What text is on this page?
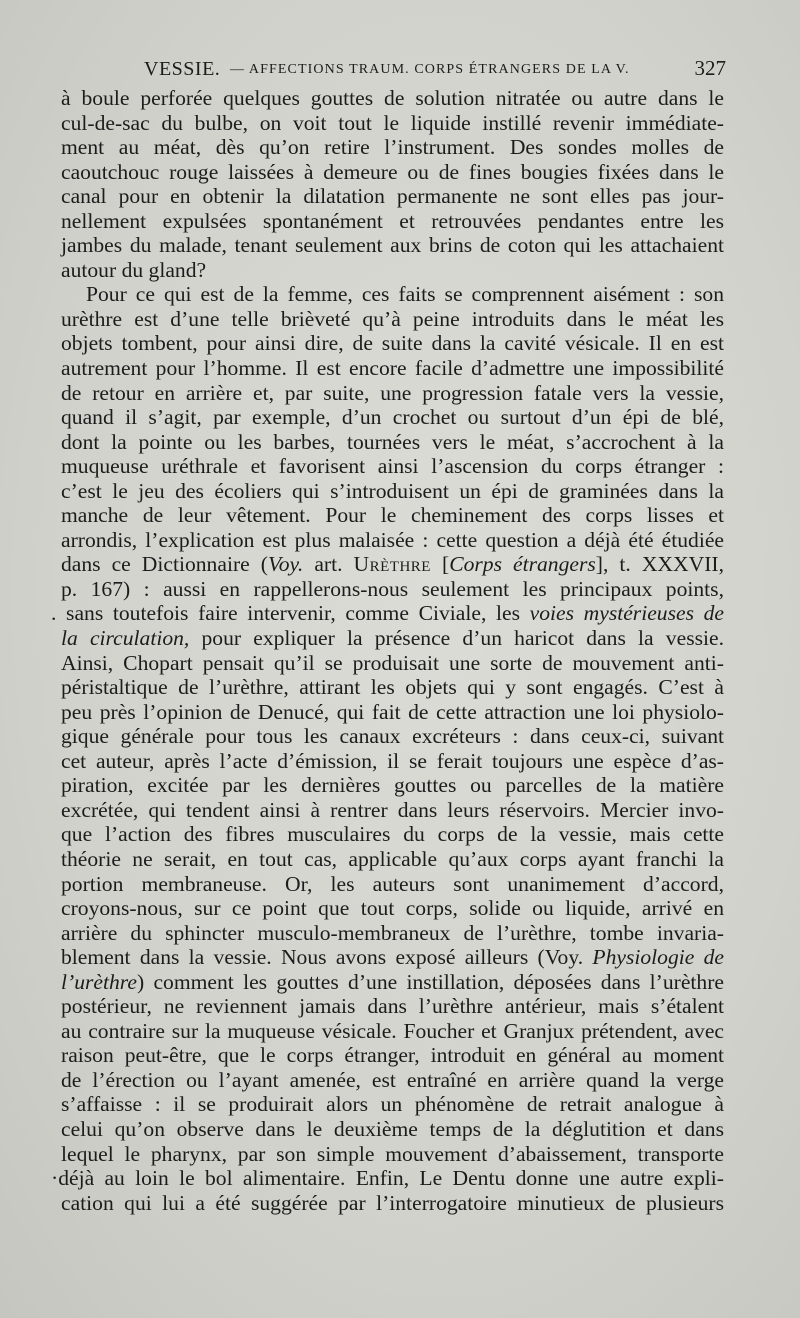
VESSIE. — AFFECTIONS TRAUM. CORPS ÉTRANGERS DE LA V.	327
à boule perforée quelques gouttes de solution nitratée ou autre dans le
cul-de-sac du bulbe, on voit tout le liquide instillé revenir immédiate-
ment au méat, dès qu’on retire l’instrument. Des sondes molles de
caoutchouc rouge laissées à demeure ou de fines bougies fixées dans le
canal pour en obtenir la dilatation permanente ne sont elles pas jour-
nellement expulsées spontanément et retrouvées pendantes entre les
jambes du malade, tenant seulement aux brins de coton qui les attachaient
autour du gland?
Pour ce qui est de la femme, ces faits se comprennent aisément : son
urèthre est d’une telle brièveté qu’à peine introduits dans le méat les
objets tombent, pour ainsi dire, de suite dans la cavité vésicale. Il en est
autrement pour l’homme. Il est encore facile d’admettre une impossibilité
de retour en arrière et, par suite, une progression fatale vers la vessie,
quand il s’agit, par exemple, d’un crochet ou surtout d’un épi de blé,
dont la pointe ou les barbes, tournées vers le méat, s’accrochent à la
muqueuse uréthrale et favorisent ainsi l’ascension du corps étranger :
c’est le jeu des écoliers qui s’introduisent un épi de graminées dans la
manche de leur vêtement. Pour le cheminement des corps lisses et
arrondis, l’explication est plus malaisée : cette question a déjà été étudiée
dans ce Dictionnaire (Voy. art. Urèthre [Corps étrangers], t. XXXVII,
p. 167) : aussi en rappellerons-nous seulement les principaux points,
. sans toutefois faire intervenir, comme Civiale, les voies mystérieuses de
la circulation, pour expliquer la présence d’un haricot dans la vessie.
Ainsi, Chopart pensait qu’il se produisait une sorte de mouvement anti-
péristaltique de l’urèthre, attirant les objets qui y sont engagés. C’est à
peu près l’opinion de Denucé, qui fait de cette attraction une loi physiolo-
gique générale pour tous les canaux excréteurs : dans ceux-ci, suivant
cet auteur, après l’acte d’émission, il se ferait toujours une espèce d’as-
piration, excitée par les dernières gouttes ou parcelles de la matière
excrétée, qui tendent ainsi à rentrer dans leurs réservoirs. Mercier invo-
que l’action des fibres musculaires du corps de la vessie, mais cette
théorie ne serait, en tout cas, applicable qu’aux corps ayant franchi la
portion membraneuse. Or, les auteurs sont unanimement d’accord,
croyons-nous, sur ce point que tout corps, solide ou liquide, arrivé en
arrière du sphincter musculo-membraneux de l’urèthre, tombe invaria-
blement dans la vessie. Nous avons exposé ailleurs (Voy. Physiologie de
l’urèthre) comment les gouttes d’une instillation, déposées dans l’urèthre
postérieur, ne reviennent jamais dans l’urèthre antérieur, mais s’étalent
au contraire sur la muqueuse vésicale. Foucher et Granjux prétendent, avec
raison peut-être, que le corps étranger, introduit en général au moment
de l’érection ou l’ayant amenée, est entraîné en arrière quand la verge
s’affaisse : il se produirait alors un phénomène de retrait analogue à
celui qu’on observe dans le deuxième temps de la déglutition et dans
lequel le pharynx, par son simple mouvement d’abaissement, transporte
·déjà au loin le bol alimentaire. Enfin, Le Dentu donne une autre expli-
cation qui lui a été suggérée par l’interrogatoire minutieux de plusieurs
